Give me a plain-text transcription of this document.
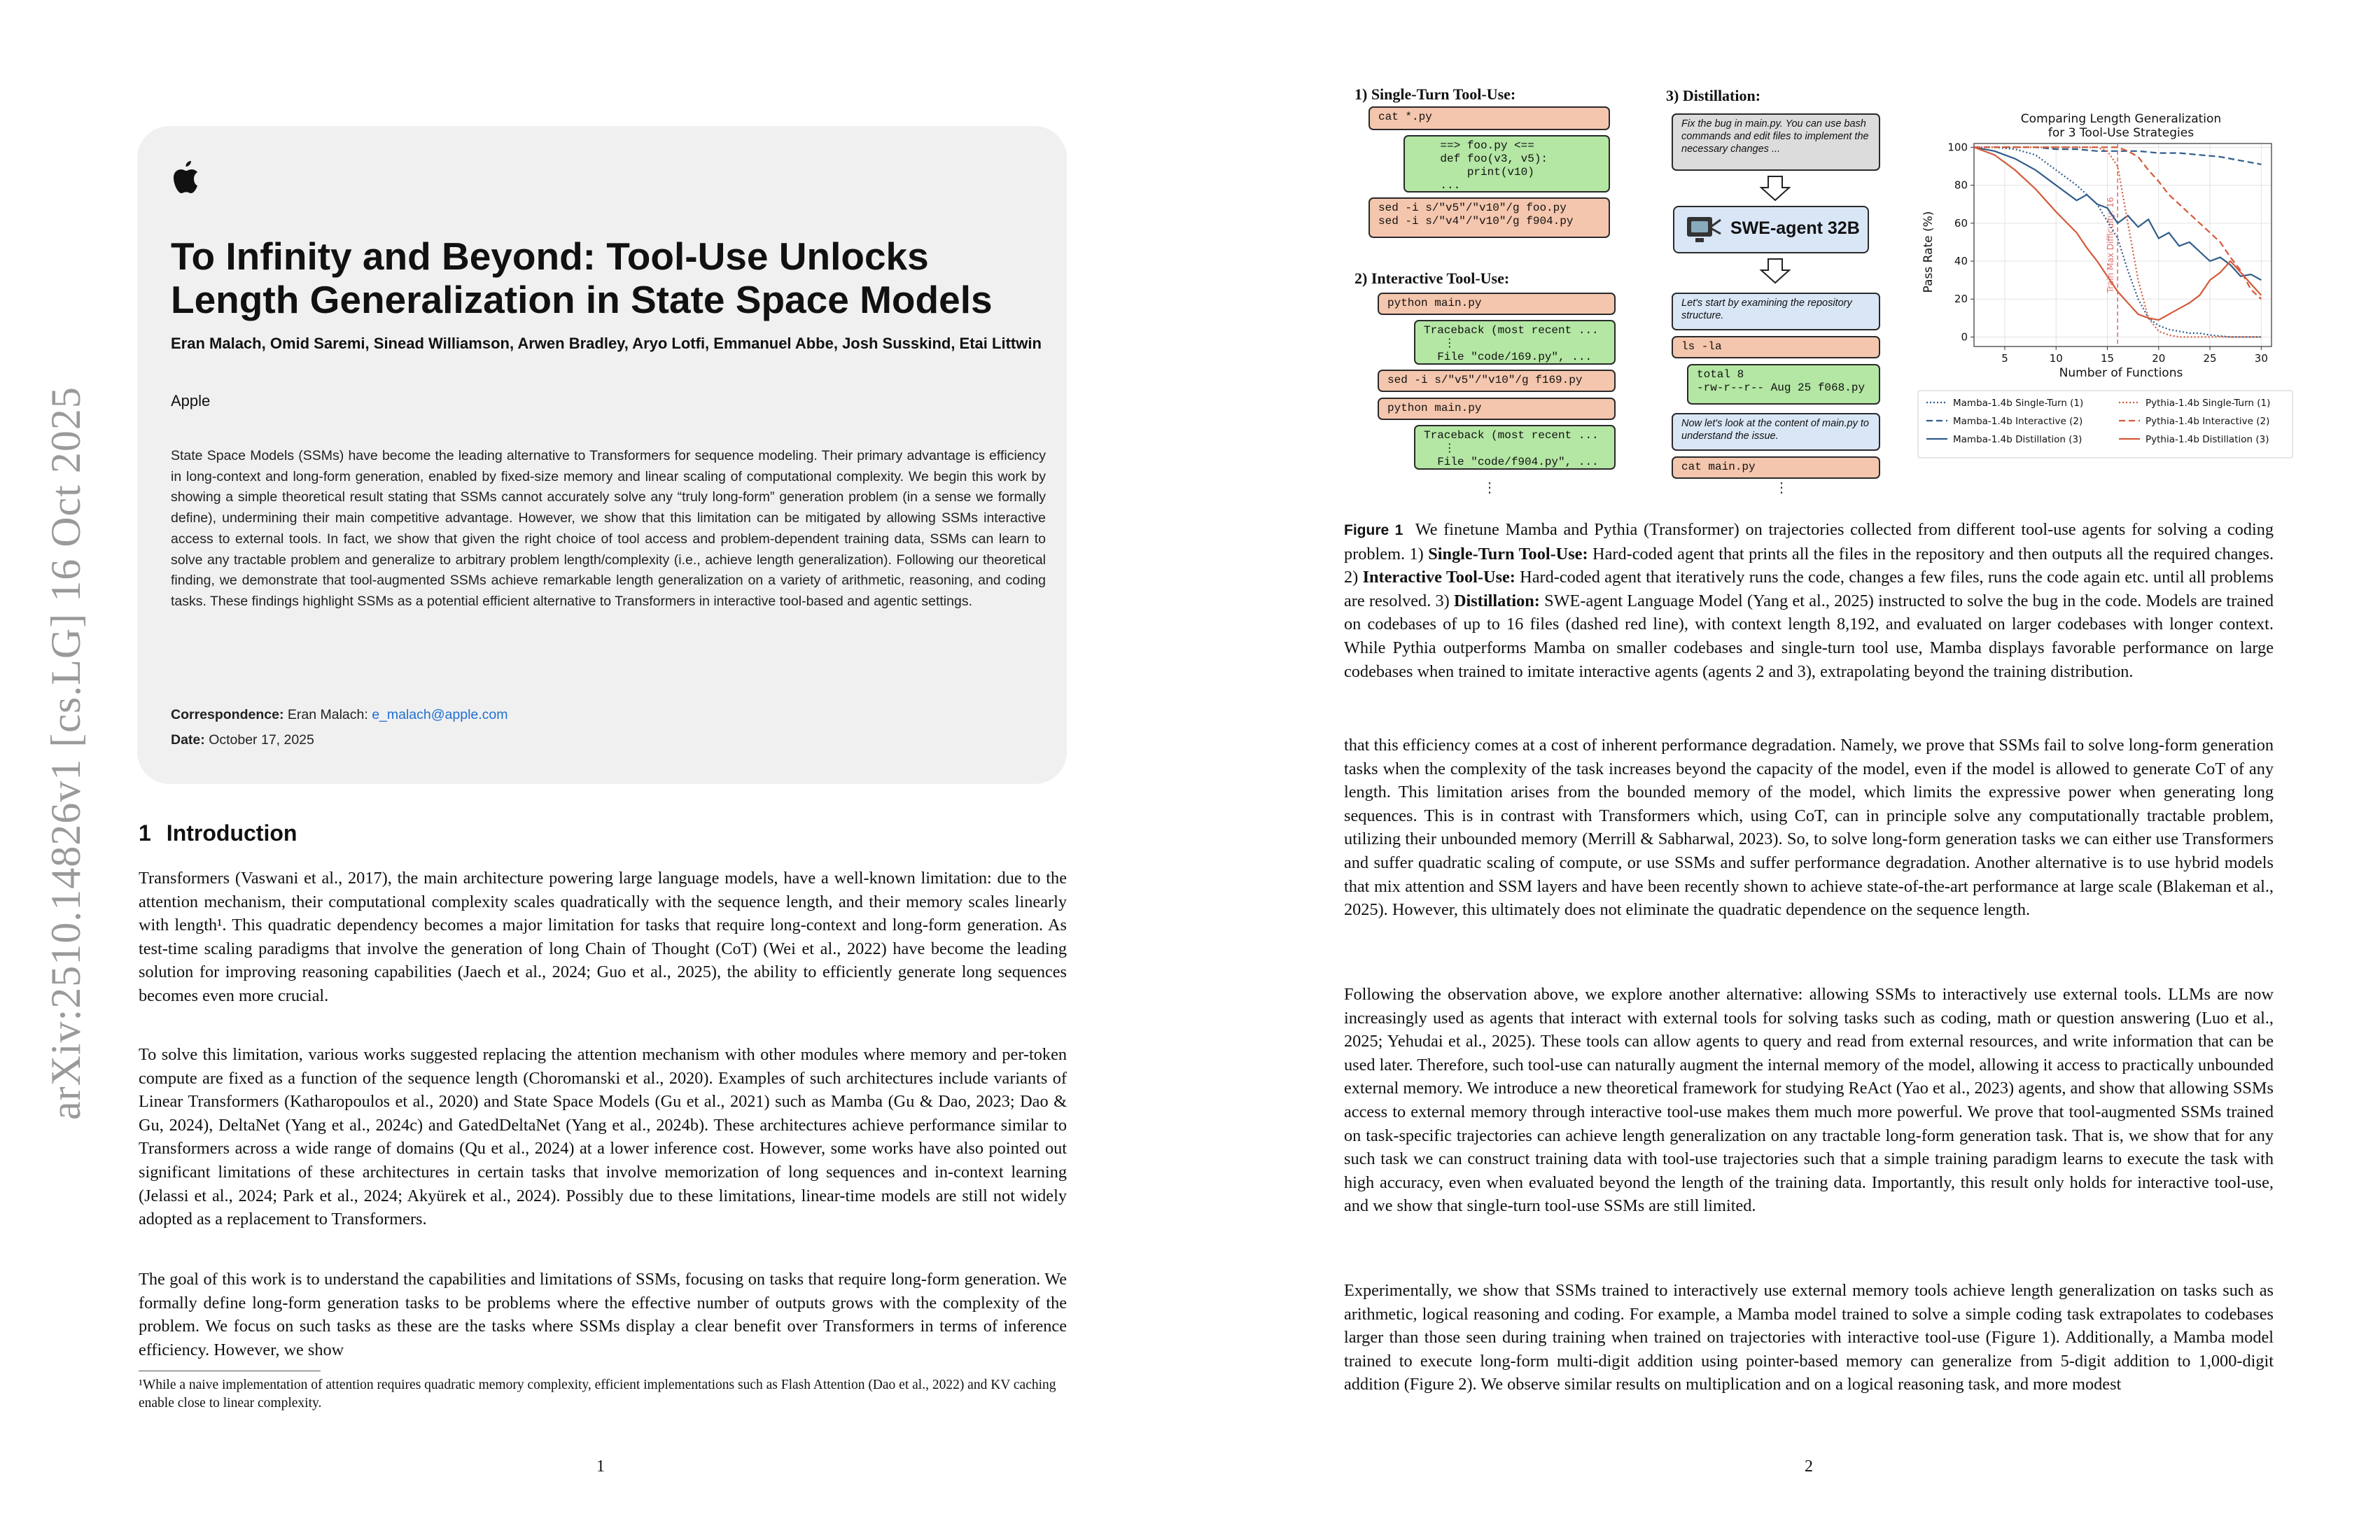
arXiv:2510.14826v1 [cs.LG] 16 Oct 2025
To Infinity and Beyond: Tool-Use Unlocks Length Generalization in State Space Models
Eran Malach, Omid Saremi, Sinead Williamson, Arwen Bradley, Aryo Lotfi, Emmanuel Abbe, Josh Susskind, Etai Littwin
Apple
State Space Models (SSMs) have become the leading alternative to Transformers for sequence modeling. Their primary advantage is efficiency in long-context and long-form generation, enabled by fixed-size memory and linear scaling of computational complexity. We begin this work by showing a simple theoretical result stating that SSMs cannot accurately solve any “truly long-form” generation problem (in a sense we formally define), undermining their main competitive advantage. However, we show that this limitation can be mitigated by allowing SSMs interactive access to external tools. In fact, we show that given the right choice of tool access and problem-dependent training data, SSMs can learn to solve any tractable problem and generalize to arbitrary problem length/complexity (i.e., achieve length generalization). Following our theoretical finding, we demonstrate that tool-augmented SSMs achieve remarkable length generalization on a variety of arithmetic, reasoning, and coding tasks. These findings highlight SSMs as a potential efficient alternative to Transformers in interactive tool-based and agentic settings.
Correspondence: Eran Malach: e_malach@apple.com
Date: October 17, 2025
1 Introduction

Transformers (Vaswani et al., 2017), the main architecture powering large language models, have a well-known limitation: due to the attention mechanism, their computational complexity scales quadratically with the sequence length, and their memory scales linearly with length¹. This quadratic dependency becomes a major limitation for tasks that require long-context and long-form generation. As test-time scaling paradigms that involve the generation of long Chain of Thought (CoT) (Wei et al., 2022) have become the leading solution for improving reasoning capabilities (Jaech et al., 2024; Guo et al., 2025), the ability to efficiently generate long sequences becomes even more crucial.

To solve this limitation, various works suggested replacing the attention mechanism with other modules where memory and per-token compute are fixed as a function of the sequence length (Choromanski et al., 2020). Examples of such architectures include variants of Linear Transformers (Katharopoulos et al., 2020) and State Space Models (Gu et al., 2021) such as Mamba (Gu & Dao, 2023; Dao & Gu, 2024), DeltaNet (Yang et al., 2024c) and GatedDeltaNet (Yang et al., 2024b). These architectures achieve performance similar to Transformers across a wide range of domains (Qu et al., 2024) at a lower inference cost. However, some works have also pointed out significant limitations of these architectures in certain tasks that involve memorization of long sequences and in-context learning (Jelassi et al., 2024; Park et al., 2024; Akyürek et al., 2024). Possibly due to these limitations, linear-time models are still not widely adopted as a replacement to Transformers.

The goal of this work is to understand the capabilities and limitations of SSMs, focusing on tasks that require long-form generation. We formally define long-form generation tasks to be problems where the effective number of outputs grows with the complexity of the problem. We focus on such tasks as these are the tasks where SSMs display a clear benefit over Transformers in terms of inference efficiency. However, we show

¹While a naive implementation of attention requires quadratic memory complexity, efficient implementations such as Flash Attention (Dao et al., 2022) and KV caching enable close to linear complexity.
1
1) Single-Turn Tool-Use:
cat *.py
==> foo.py <==
def foo(v3, v5):
print(v10)
...
sed -i s/"v5"/"v10"/g foo.py
sed -i s/"v4"/"v10"/g f904.py
2) Interactive Tool-Use:
python main.py
Traceback (most recent ...
⋮
File "code/169.py", ...
sed -i s/"v5"/"v10"/g f169.py
python main.py
Traceback (most recent ...
⋮
File "code/f904.py", ...
⋮
3) Distillation:
Fix the bug in main.py. You can use bash commands and edit files to implement the necessary changes ...
SWE-agent 32B
Let's start by examining the repository structure.
ls -la
total 8
-rw-r--r-- Aug 25 f068.py
Now let's look at the content of main.py to understand the issue.
cat main.py
⋮
Comparing Length Generalization
for 3 Tool-Use Strategies
5	10	15	20	25	30
0
20
40
60
80
100
Train Max Difficulty: 16
Number of Functions
Pass Rate (%)
Mamba-1.4b Single-Turn (1)
Mamba-1.4b Interactive (2)
Mamba-1.4b Distillation (3)
Pythia-1.4b Single-Turn (1)
Pythia-1.4b Interactive (2)
Pythia-1.4b Distillation (3)

Figure 1 We finetune Mamba and Pythia (Transformer) on trajectories collected from different tool-use agents for solving a coding problem. 1) Single-Turn Tool-Use: Hard-coded agent that prints all the files in the repository and then outputs all the required changes. 2) Interactive Tool-Use: Hard-coded agent that iteratively runs the code, changes a few files, runs the code again etc. until all problems are resolved. 3) Distillation: SWE-agent Language Model (Yang et al., 2025) instructed to solve the bug in the code. Models are trained on codebases of up to 16 files (dashed red line), with context length 8,192, and evaluated on larger codebases with longer context. While Pythia outperforms Mamba on smaller codebases and single-turn tool use, Mamba displays favorable performance on large codebases when trained to imitate interactive agents (agents 2 and 3), extrapolating beyond the training distribution.

that this efficiency comes at a cost of inherent performance degradation. Namely, we prove that SSMs fail to solve long-form generation tasks when the complexity of the task increases beyond the capacity of the model, even if the model is allowed to generate CoT of any length. This limitation arises from the bounded memory of the model, which limits the expressive power when generating long sequences. This is in contrast with Transformers which, using CoT, can in principle solve any computationally tractable problem, utilizing their unbounded memory (Merrill & Sabharwal, 2023). So, to solve long-form generation tasks we can either use Transformers and suffer quadratic scaling of compute, or use SSMs and suffer performance degradation. Another alternative is to use hybrid models that mix attention and SSM layers and have been recently shown to achieve state-of-the-art performance at large scale (Blakeman et al., 2025). However, this ultimately does not eliminate the quadratic dependence on the sequence length.

Following the observation above, we explore another alternative: allowing SSMs to interactively use external tools. LLMs are now increasingly used as agents that interact with external tools for solving tasks such as coding, math or question answering (Luo et al., 2025; Yehudai et al., 2025). These tools can allow agents to query and read from external resources, and write information that can be used later. Therefore, such tool-use can naturally augment the internal memory of the model, allowing it access to practically unbounded external memory. We introduce a new theoretical framework for studying ReAct (Yao et al., 2023) agents, and show that allowing SSMs access to external memory through interactive tool-use makes them much more powerful. We prove that tool-augmented SSMs trained on task-specific trajectories can achieve length generalization on any tractable long-form generation task. That is, we show that for any such task we can construct training data with tool-use trajectories such that a simple training paradigm learns to execute the task with high accuracy, even when evaluated beyond the length of the training data. Importantly, this result only holds for interactive tool-use, and we show that single-turn tool-use SSMs are still limited.

Experimentally, we show that SSMs trained to interactively use external memory tools achieve length generalization on tasks such as arithmetic, logical reasoning and coding. For example, a Mamba model trained to solve a simple coding task extrapolates to codebases larger than those seen during training when trained on trajectories with interactive tool-use (Figure 1). Additionally, a Mamba model trained to execute long-form multi-digit addition using pointer-based memory can generalize from 5-digit addition to 1,000-digit addition (Figure 2). We observe similar results on multiplication and on a logical reasoning task, and more modest

2
